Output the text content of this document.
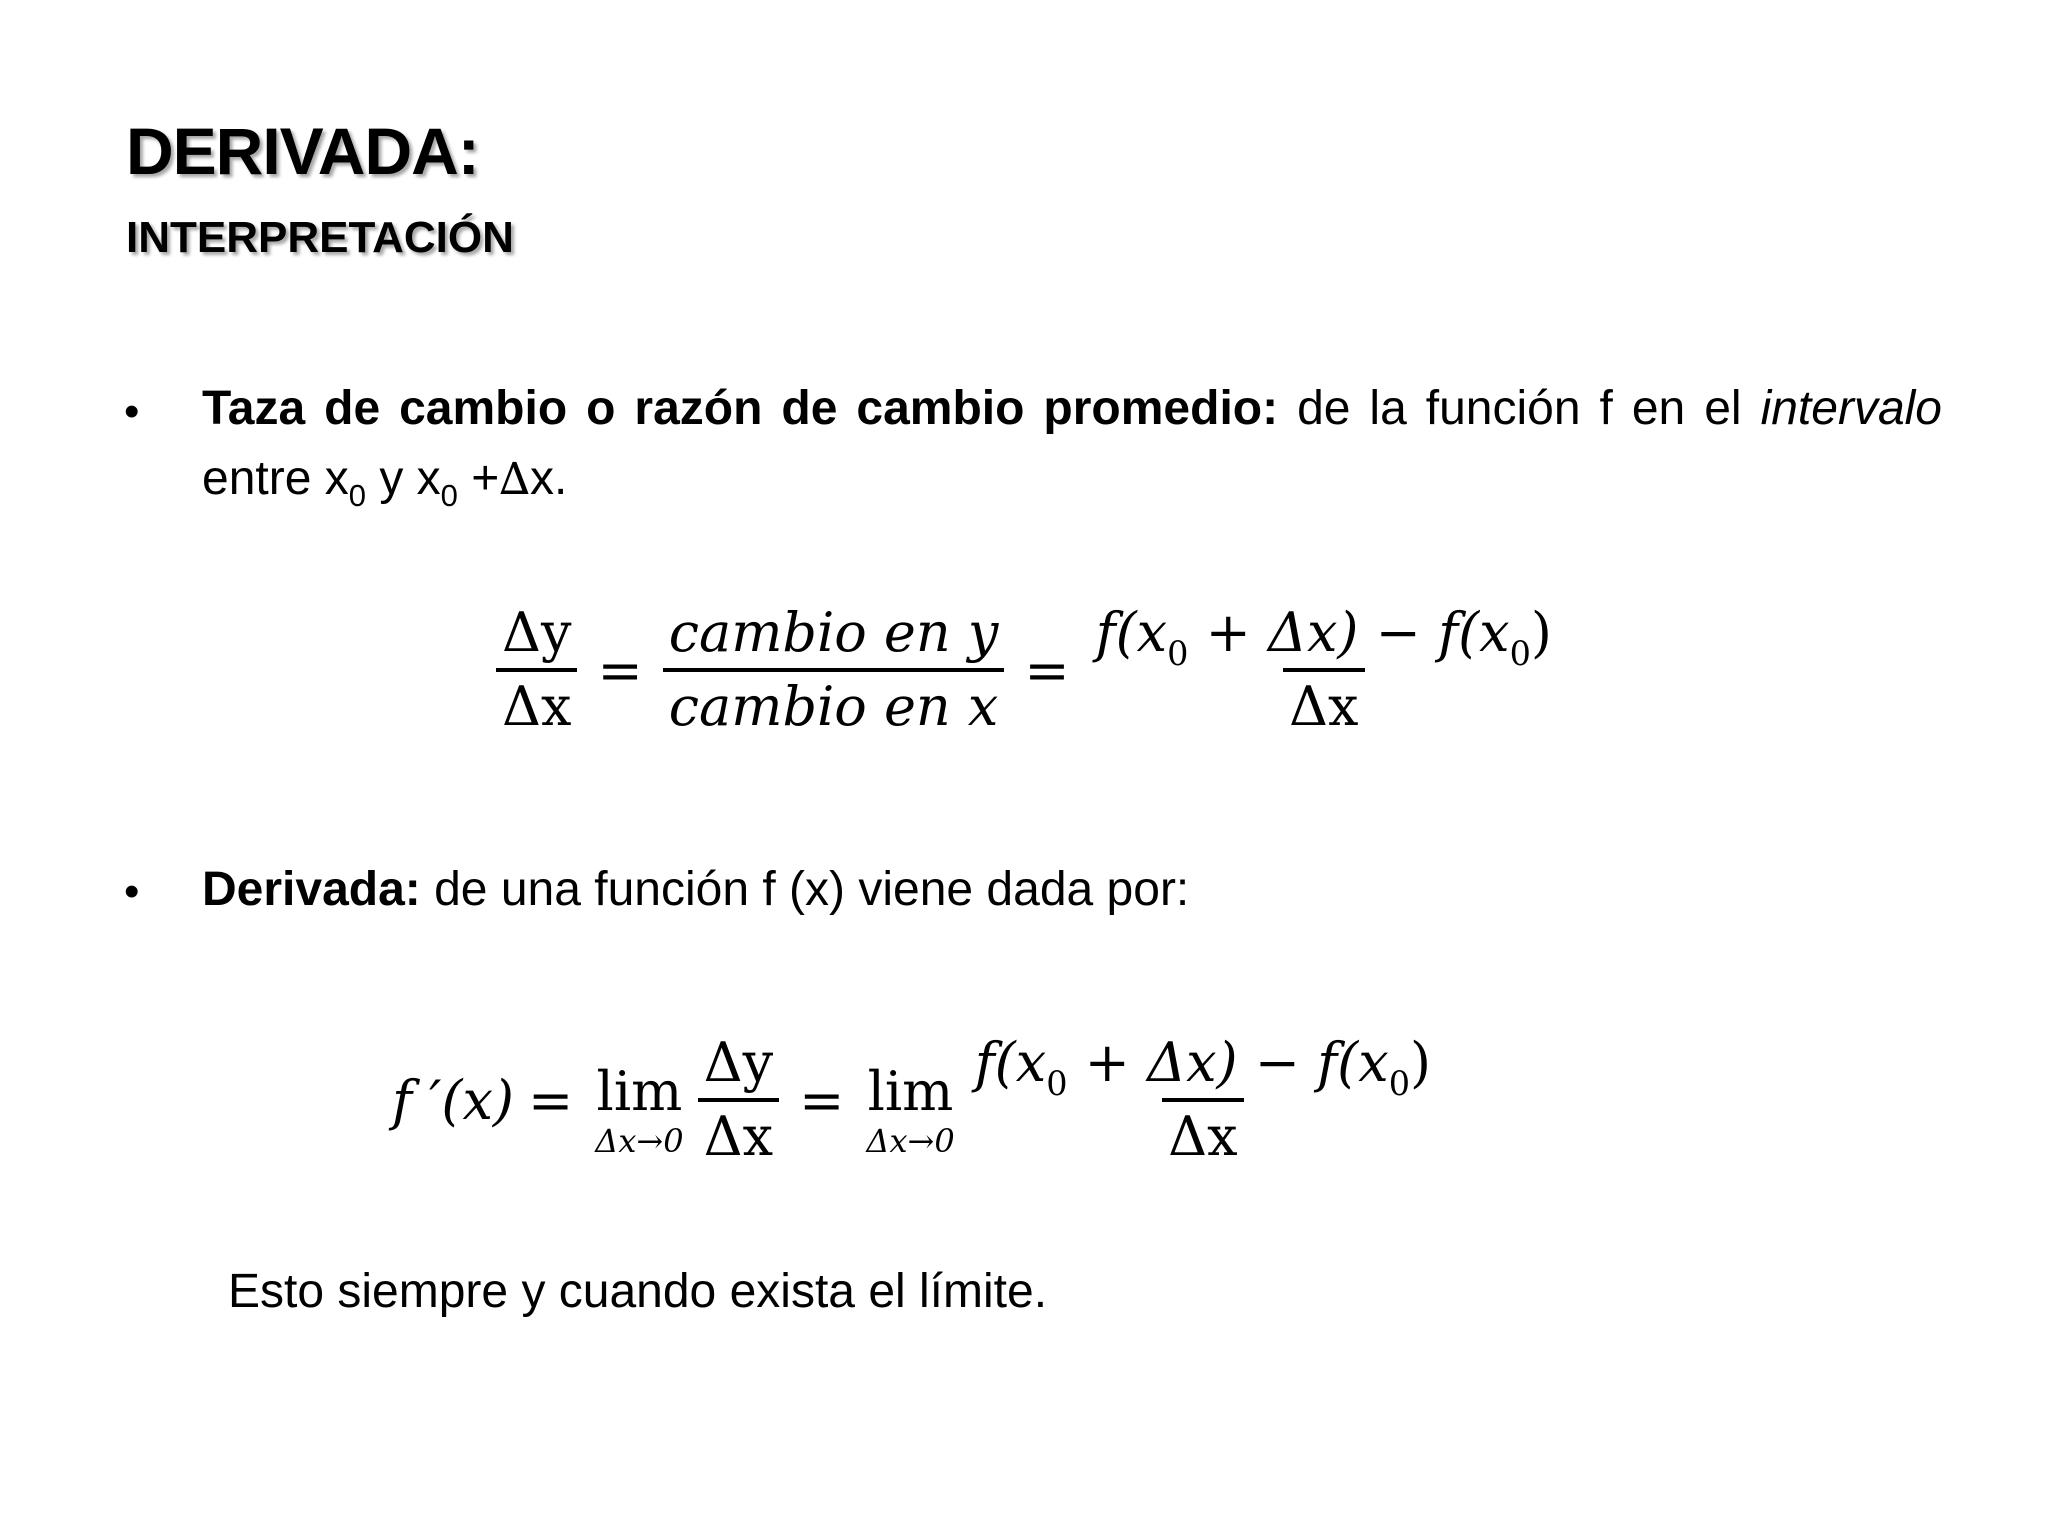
DERIVADA:
INTERPRETACIÓN
• Taza de cambio o razón de cambio promedio: de la función f en el intervalo entre $x_0$ y $x_0 +\Delta x$.
$\frac{\Delta y}{\Delta x} = \frac{\text{cambio en y}}{\text{cambio en x}} = \frac{f(x_0 + \Delta x) - f(x_0)}{\Delta x}$
• Derivada: de una función f (x) viene dada por:
f ′(x) = lim
$\Delta x\to 0 \frac{\Delta y}{\Delta x} = \lim$
$\Delta x\to 0 \frac{f(x_0 + \Delta x) - f(x_0)}{\Delta x}$
Esto siempre y cuando exista el límite.
